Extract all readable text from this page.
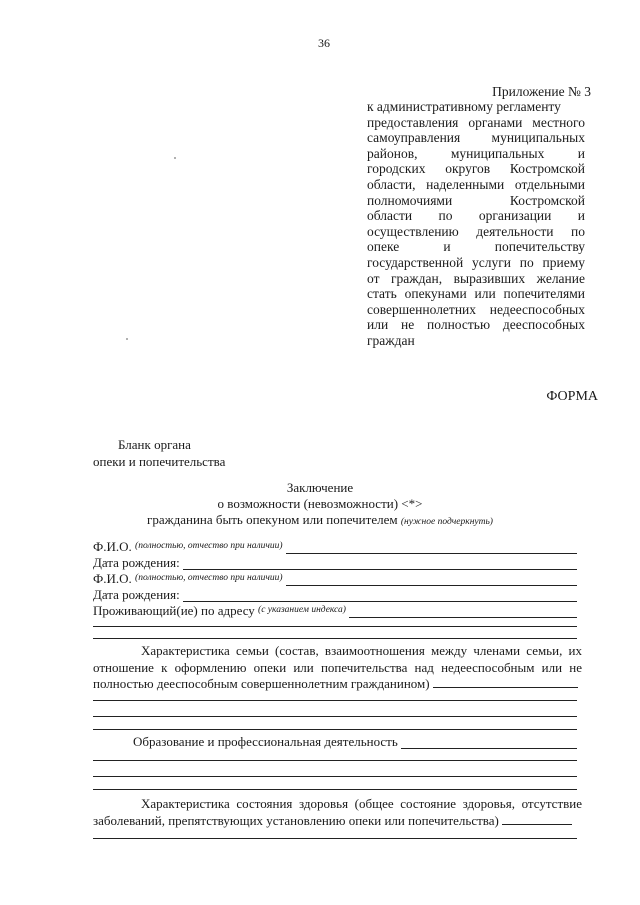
36
Приложение № 3
к административному регламенту
предоставления органами местного
самоуправления муниципальных
районов, муниципальных и
городских округов Костромской
области, наделенными отдельными
полномочиями Костромской
области по организации и
осуществлению деятельности по
опеке и попечительству
государственной услуги по приему
от граждан, выразивших желание
стать опекунами или попечителями
совершеннолетних недееспособных
или не полностью дееспособных
граждан
ФОРМА
Бланк органа
опеки и попечительства
Заключение
о возможности (невозможности) <*>
гражданина быть опекуном или попечителем (нужное подчеркнуть)
Ф.И.О.
(полностью, отчество при наличии)
Дата рождения:
Ф.И.О.
(полностью, отчество при наличии)
Дата рождения:
Проживающий(ие) по адресу
(с указанием индекса)
Характеристика семьи (состав, взаимоотношения между членами семьи, их
отношение к оформлению опеки или попечительства над недееспособным или не
полностью дееспособным совершеннолетним гражданином)
Образование и профессиональная деятельность
Характеристика состояния здоровья (общее состояние здоровья, отсутствие
заболеваний, препятствующих установлению опеки или попечительства)
